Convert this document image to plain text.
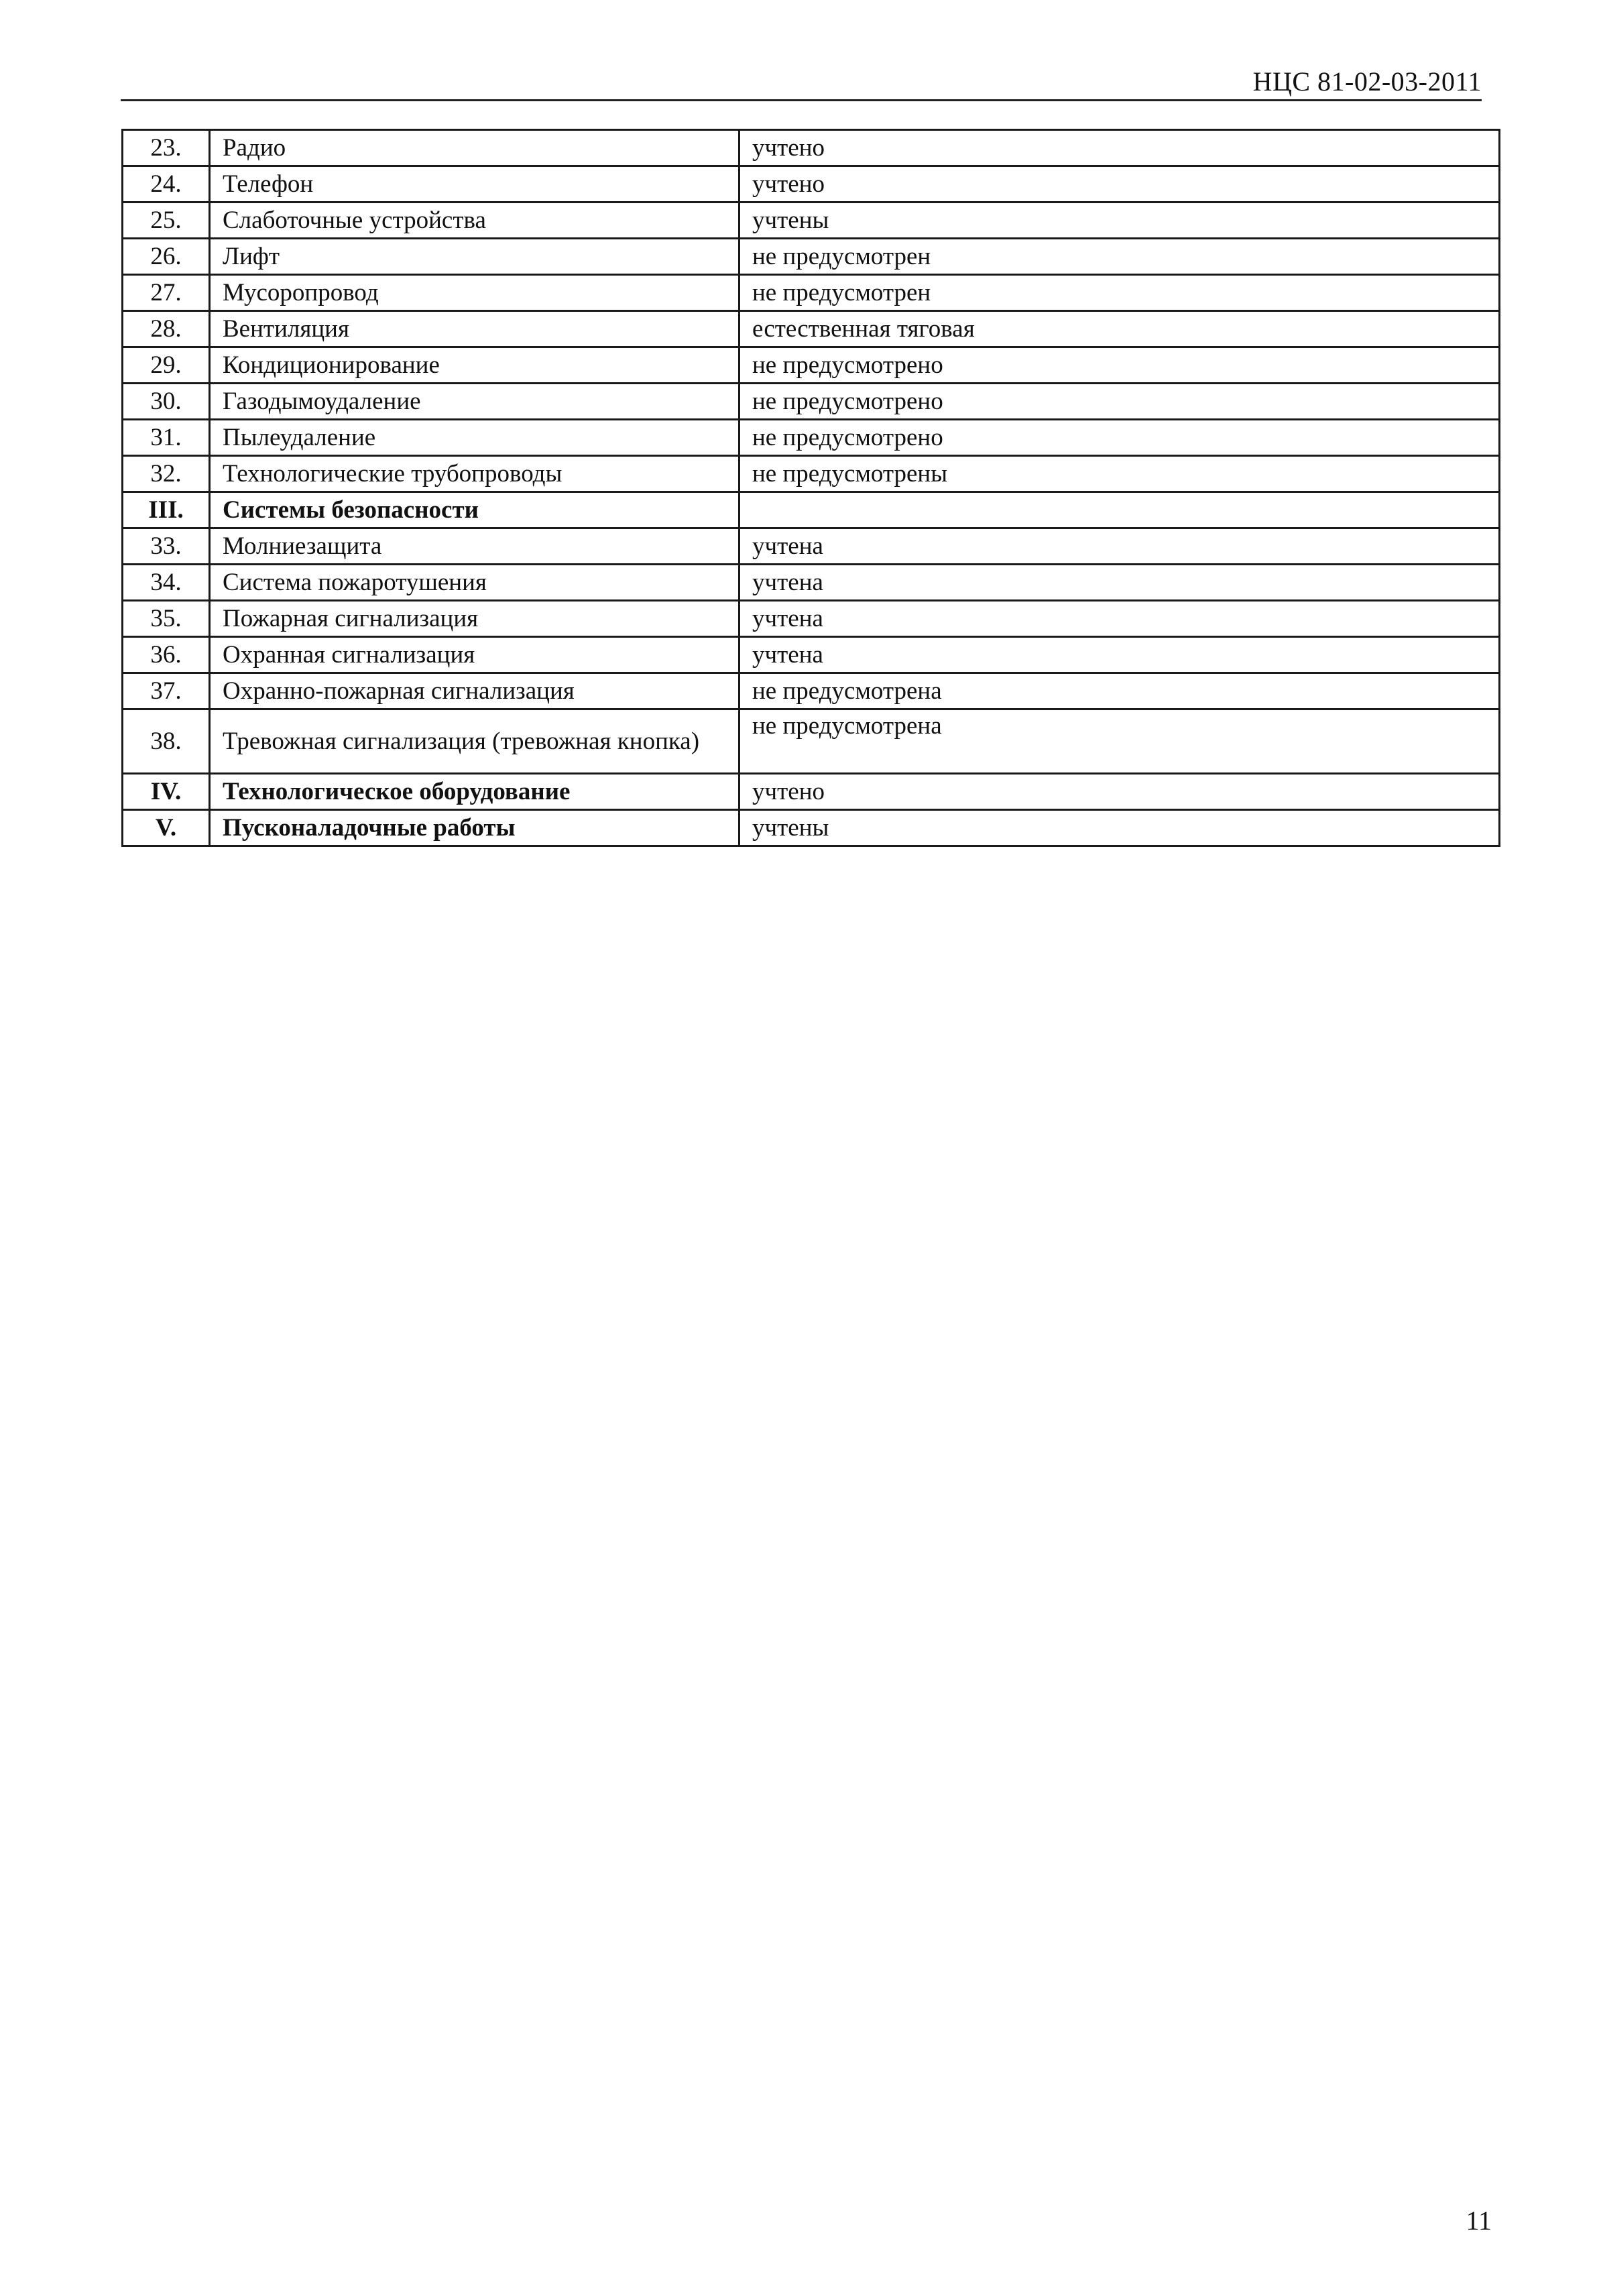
НЦС 81-02-03-2011
23.	Радио	учтено
24.	Телефон	учтено
25.	Слаботочные устройства	учтены
26.	Лифт	не предусмотрен
27.	Мусоропровод	не предусмотрен
28.	Вентиляция	естественная тяговая
29.	Кондиционирование	не предусмотрено
30.	Газодымоудаление	не предусмотрено
31.	Пылеудаление	не предусмотрено
32.	Технологические трубопроводы	не предусмотрены
III.	Системы безопасности	
33.	Молниезащита	учтена
34.	Система пожаротушения	учтена
35.	Пожарная сигнализация	учтена
36.	Охранная сигнализация	учтена
37.	Охранно-пожарная сигнализация	не предусмотрена
38.	Тревожная сигнализация (тревожная кнопка)	не предусмотрена
IV.	Технологическое оборудование	учтено
V.	Пусконаладочные работы	учтены
11
